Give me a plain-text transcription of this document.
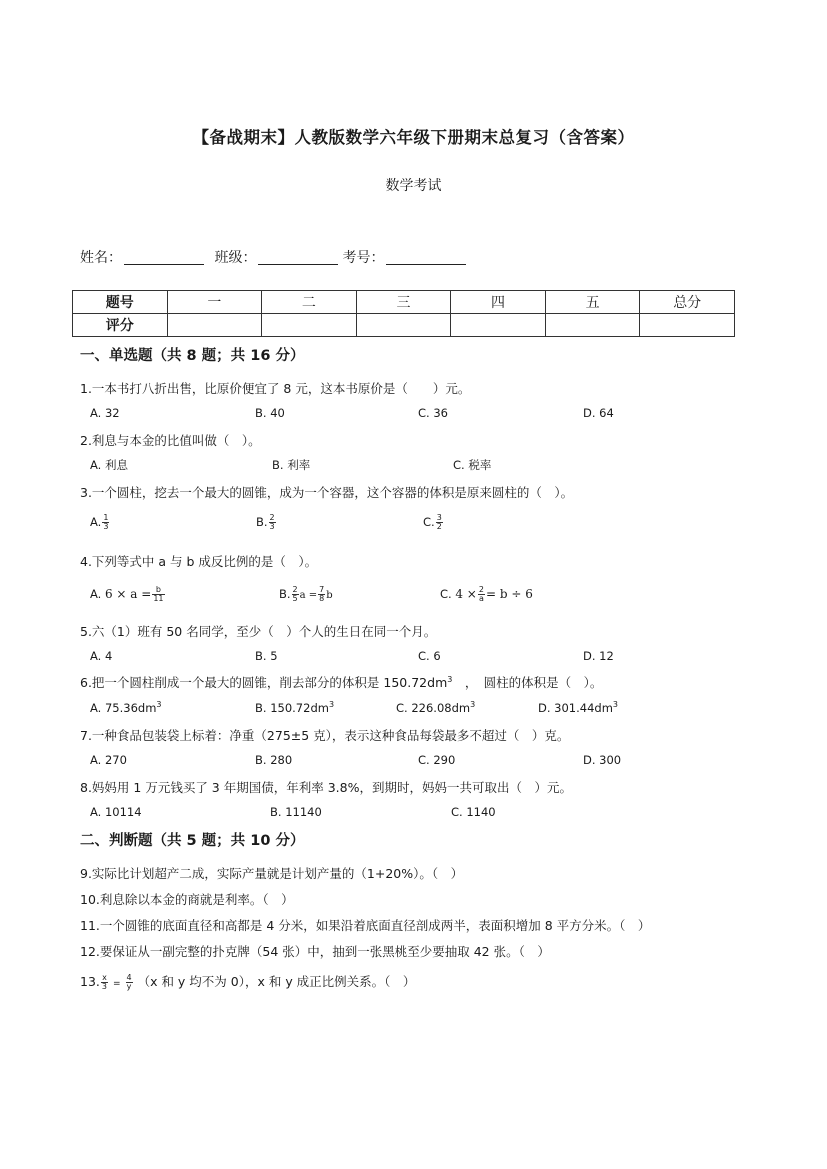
【备战期末】人教版数学六年级下册期末总复习（含答案）
数学考试
姓名：	班级：	考号：
题号	一	二	三	四	五	总分
评分						
一、单选题（共 8 题；共 16 分）
1.一本书打八折出售，比原价便宜了 8 元，这本书原价是（　　）元。
A. 32	B. 40	C. 36	D. 64
2.利息与本金的比值叫做（　）。
A. 利息	B. 利率	C. 税率
3.一个圆柱，挖去一个最大的圆锥，成为一个容器，这个容器的体积是原来圆柱的（　）。
A. $\frac{1}{3}$	B. $\frac{2}{3}$	C. $\frac{3}{2}$
4.下列等式中 a 与 b 成反比例的是（　）。
A. $6 \times a = \frac{b}{11}$	B. $\frac{2}{5}$ $a = \frac{7}{8}$ b	C. $4 \times \frac{2}{a} = b \div 6$
5.六（1）班有 50 名同学，至少（　）个人的生日在同一个月。
A. 4	B. 5	C. 6	D. 12
6.把一个圆柱削成一个最大的圆锥，削去部分的体积是 $150.72dm^3$　，　圆柱的体积是（　）。
A. $75.36dm^3$	B. $150.72dm^3$	C. $226.08dm^3$	D. $301.44dm^3$
7.一种食品包装袋上标着：净重（275±5 克），表示这种食品每袋最多不超过（　）克。
A. 270	B. 280	C. 290	D. 300
8.妈妈用 1 万元钱买了 3 年期国债，年利率 3.8%，到期时，妈妈一共可取出（　）元。
A. 10114	B. 11140	C. 1140
二、判断题（共 5 题；共 10 分）
9.实际比计划超产二成，实际产量就是计划产量的（1+20%）。（　）
10.利息除以本金的商就是利率。（　）
11.一个圆锥的底面直径和高都是 4 分米，如果沿着底面直径剖成两半，表面积增加 8 平方分米。（　）
12.要保证从一副完整的扑克牌（54 张）中，抽到一张黑桃至少要抽取 42 张。（　）
13. $\frac{x}{3} = \frac{4}{y} (x$ 和 y 均不为 0），x 和 y 成正比例关系。（　）
